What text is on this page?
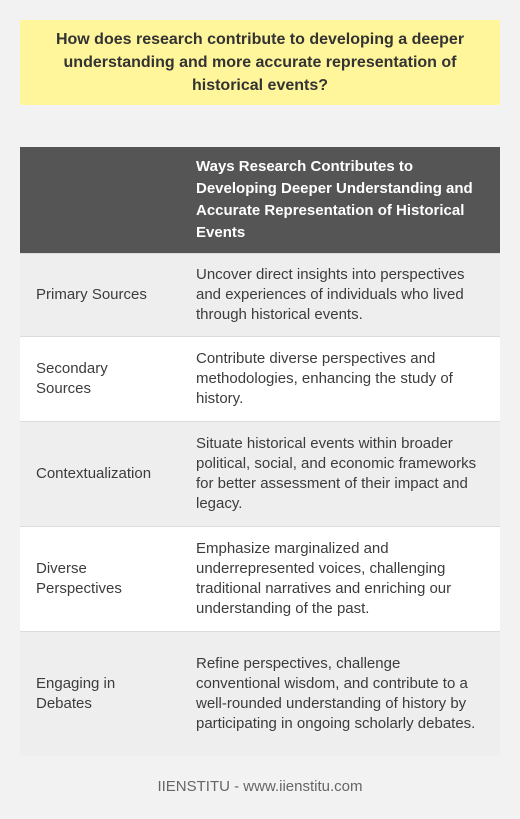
How does research contribute to developing a deeper understanding and more accurate representation of historical events?
	Ways Research Contributes to Developing Deeper Understanding and Accurate Representation of Historical Events
Primary Sources	Uncover direct insights into perspectives and experiences of individuals who lived through historical events.
Secondary Sources	Contribute diverse perspectives and methodologies, enhancing the study of history.
Contextualization	Situate historical events within broader political, social, and economic frameworks for better assessment of their impact and legacy.
Diverse Perspectives	Emphasize marginalized and underrepresented voices, challenging traditional narratives and enriching our understanding of the past.
Engaging in Debates	Refine perspectives, challenge conventional wisdom, and contribute to a well-rounded understanding of history by participating in ongoing scholarly debates.
IIENSTITU - www.iienstitu.com
